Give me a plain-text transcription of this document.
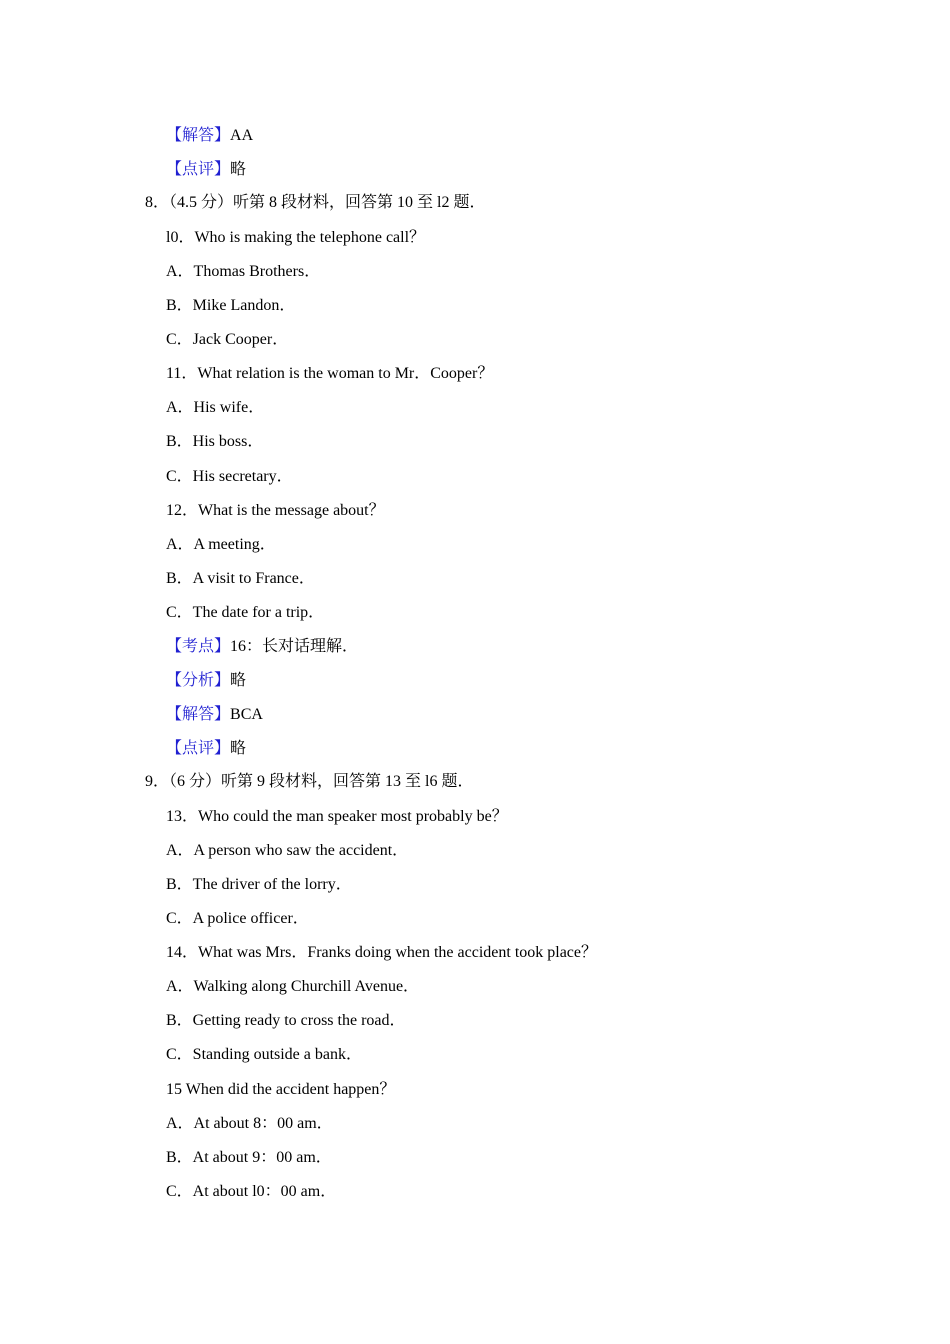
【解答】AA
【点评】略
8．（4.5 分）听第 8 段材料，回答第 10 至 l2 题．
l0．Who is making the telephone call？
A．Thomas Brothers．
B．Mike Landon．
C．Jack Cooper．
11．What relation is the woman to Mr．Cooper？
A．His wife．
B．His boss．
C．His secretary．
12．What is the message about？
A．A meeting．
B．A visit to France．
C．The date for a trip．
【考点】16：长对话理解．
【分析】略
【解答】BCA
【点评】略
9．（6 分）听第 9 段材料，回答第 13 至 l6 题．
13．Who could the man speaker most probably be？
A．A person who saw the accident．
B．The driver of the lorry．
C．A police officer．
14．What was Mrs．Franks doing when the accident took place？
A．Walking along Churchill Avenue．
B．Getting ready to cross the road．
C．Standing outside a bank．
15 When did the accident happen？
A．At about 8：00 am．
B．At about 9：00 am．
C．At about l0：00 am．
